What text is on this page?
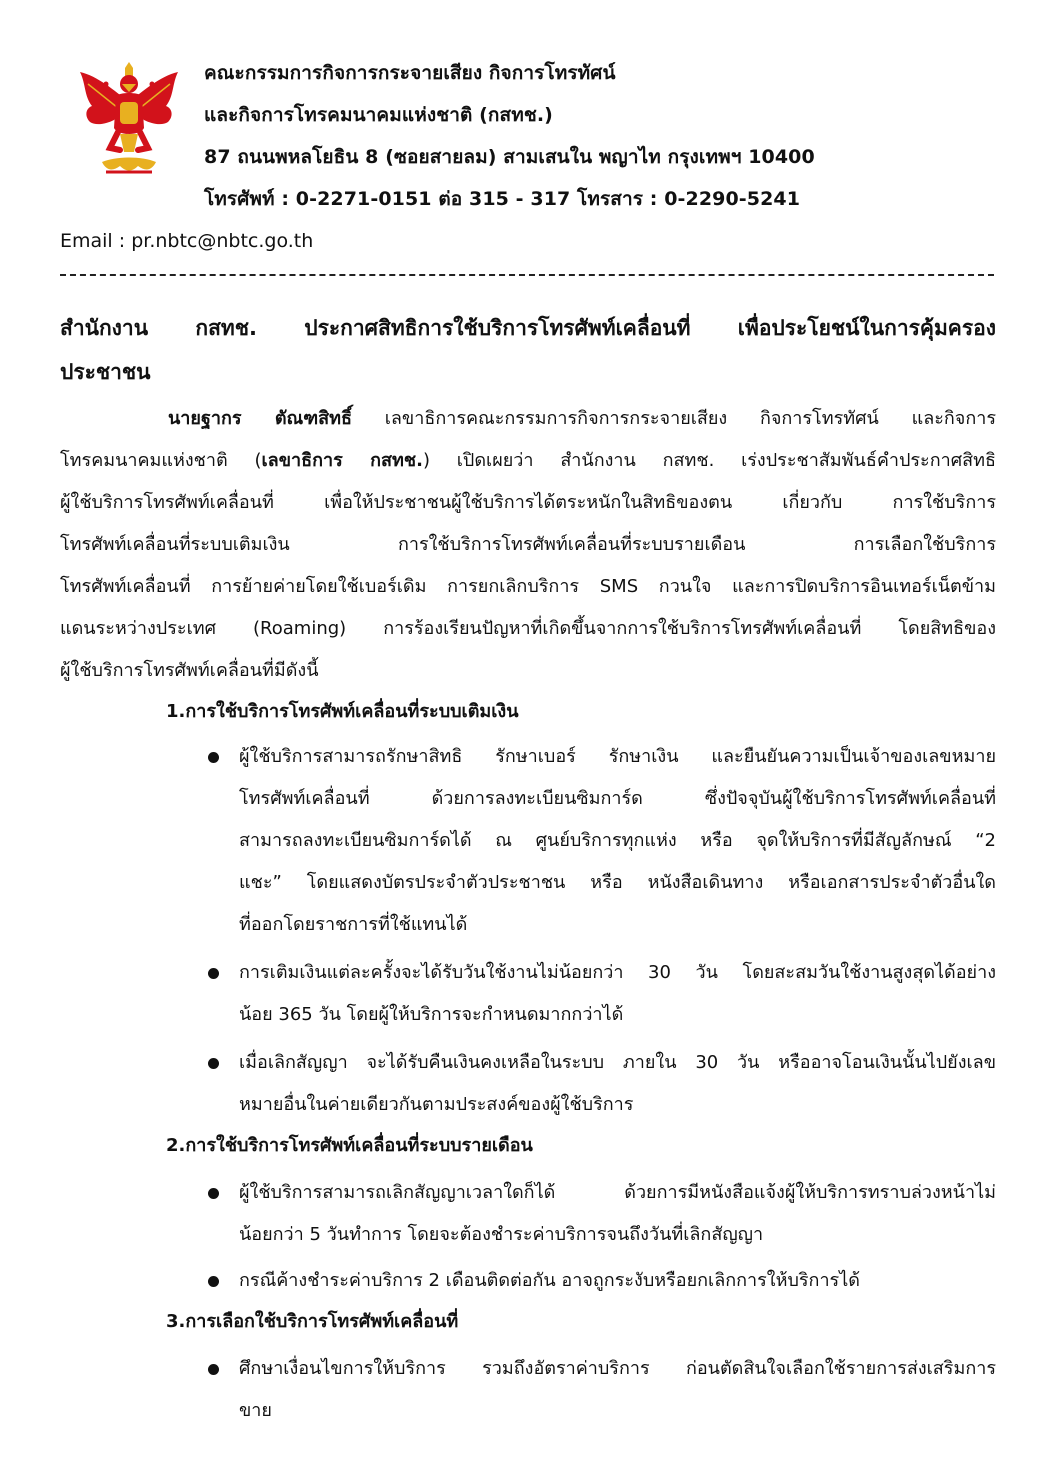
คณะกรรมการกิจการกระจายเสียง กิจการโทรทัศน์
และกิจการโทรคมนาคมแห่งชาติ (กสทช.)
87 ถนนพหลโยธิน 8 (ซอยสายลม) สามเสนใน พญาไท กรุงเทพฯ 10400
โทรศัพท์ : 0-2271-0151 ต่อ 315 - 317 โทรสาร : 0-2290-5241
Email : pr.nbtc@nbtc.go.th
สำนักงาน กสทช. ประกาศสิทธิการใช้บริการโทรศัพท์เคลื่อนที่ เพื่อประโยชน์ในการคุ้มครอง
ประชาชน
นายฐากร ตัณฑสิทธิ์ เลขาธิการคณะกรรมการกิจการกระจายเสียง กิจการโทรทัศน์ และกิจการ
โทรคมนาคมแห่งชาติ (เลขาธิการ กสทช.) เปิดเผยว่า สำนักงาน กสทช. เร่งประชาสัมพันธ์คำประกาศสิทธิ
ผู้ใช้บริการโทรศัพท์เคลื่อนที่ เพื่อให้ประชาชนผู้ใช้บริการได้ตระหนักในสิทธิของตน เกี่ยวกับ การใช้บริการ
โทรศัพท์เคลื่อนที่ระบบเติมเงิน การใช้บริการโทรศัพท์เคลื่อนที่ระบบรายเดือน การเลือกใช้บริการ
โทรศัพท์เคลื่อนที่ การย้ายค่ายโดยใช้เบอร์เดิม การยกเลิกบริการ SMS กวนใจ และการปิดบริการอินเทอร์เน็ตข้าม
แดนระหว่างประเทศ (Roaming) การร้องเรียนปัญหาที่เกิดขึ้นจากการใช้บริการโทรศัพท์เคลื่อนที่ โดยสิทธิของ
ผู้ใช้บริการโทรศัพท์เคลื่อนที่มีดังนี้
1.การใช้บริการโทรศัพท์เคลื่อนที่ระบบเติมเงิน
ผู้ใช้บริการสามารถรักษาสิทธิ รักษาเบอร์ รักษาเงิน และยืนยันความเป็นเจ้าของเลขหมาย
โทรศัพท์เคลื่อนที่ ด้วยการลงทะเบียนซิมการ์ด ซึ่งปัจจุบันผู้ใช้บริการโทรศัพท์เคลื่อนที่
สามารถลงทะเบียนซิมการ์ดได้ ณ ศูนย์บริการทุกแห่ง หรือ จุดให้บริการที่มีสัญลักษณ์ “2
แชะ” โดยแสดงบัตรประจำตัวประชาชน หรือ หนังสือเดินทาง หรือเอกสารประจำตัวอื่นใด
ที่ออกโดยราชการที่ใช้แทนได้
การเติมเงินแต่ละครั้งจะได้รับวันใช้งานไม่น้อยกว่า 30 วัน โดยสะสมวันใช้งานสูงสุดได้อย่าง
น้อย 365 วัน โดยผู้ให้บริการจะกำหนดมากกว่าได้
เมื่อเลิกสัญญา จะได้รับคืนเงินคงเหลือในระบบ ภายใน 30 วัน หรืออาจโอนเงินนั้นไปยังเลข
หมายอื่นในค่ายเดียวกันตามประสงค์ของผู้ใช้บริการ
2.การใช้บริการโทรศัพท์เคลื่อนที่ระบบรายเดือน
ผู้ใช้บริการสามารถเลิกสัญญาเวลาใดก็ได้ ด้วยการมีหนังสือแจ้งผู้ให้บริการทราบล่วงหน้าไม่
น้อยกว่า 5 วันทำการ โดยจะต้องชำระค่าบริการจนถึงวันที่เลิกสัญญา
กรณีค้างชำระค่าบริการ 2 เดือนติดต่อกัน อาจถูกระงับหรือยกเลิกการให้บริการได้
3.การเลือกใช้บริการโทรศัพท์เคลื่อนที่
ศึกษาเงื่อนไขการให้บริการ รวมถึงอัตราค่าบริการ ก่อนตัดสินใจเลือกใช้รายการส่งเสริมการ
ขาย
